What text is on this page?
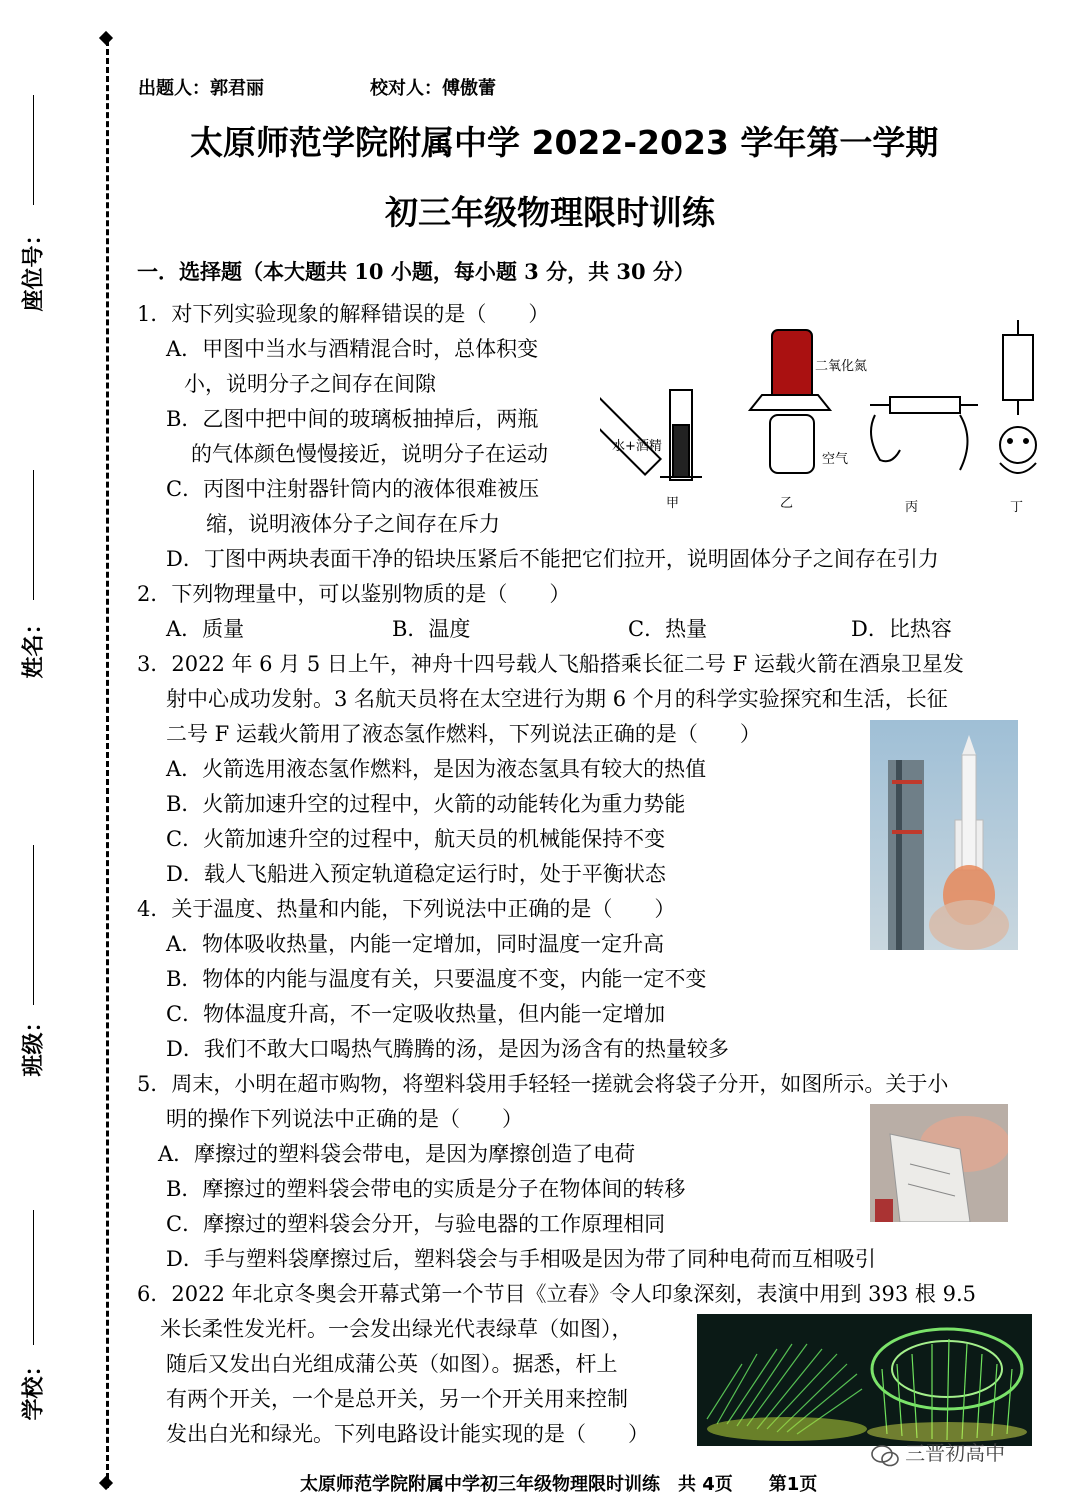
座位号：
姓名：
班级：
学校：
出题人：郭君丽	校对人：傅傲蕾
太原师范学院附属中学 2022-2023 学年第一学期
初三年级物理限时训练
一．选择题（本大题共 10 小题，每小题 3 分，共 30 分）
1．对下列实验现象的解释错误的是（　　）
A．甲图中当水与酒精混合时，总体积变
小，说明分子之间存在间隙
B．乙图中把中间的玻璃板抽掉后，两瓶
的气体颜色慢慢接近，说明分子在运动
C．丙图中注射器针筒内的液体很难被压
缩，说明液体分子之间存在斥力
D．丁图中两块表面干净的铅块压紧后不能把它们拉开，说明固体分子之间存在引力
水+酒精
二氧化氮
空气
甲	乙	丙	丁
2．下列物理量中，可以鉴别物质的是（　　）
A．质量	B．温度	C．热量	D．比热容
3．2022 年 6 月 5 日上午，神舟十四号载人飞船搭乘长征二号 F 运载火箭在酒泉卫星发
射中心成功发射。3 名航天员将在太空进行为期 6 个月的科学实验探究和生活，长征
二号 F 运载火箭用了液态氢作燃料，下列说法正确的是（　　）
A．火箭选用液态氢作燃料，是因为液态氢具有较大的热值
B．火箭加速升空的过程中，火箭的动能转化为重力势能
C．火箭加速升空的过程中，航天员的机械能保持不变
D．载人飞船进入预定轨道稳定运行时，处于平衡状态
4．关于温度、热量和内能，下列说法中正确的是（　　）
A．物体吸收热量，内能一定增加，同时温度一定升高
B．物体的内能与温度有关，只要温度不变，内能一定不变
C．物体温度升高，不一定吸收热量，但内能一定增加
D．我们不敢大口喝热气腾腾的汤，是因为汤含有的热量较多
5．周末，小明在超市购物，将塑料袋用手轻轻一搓就会将袋子分开，如图所示。关于小
明的操作下列说法中正确的是（　　）
A．摩擦过的塑料袋会带电，是因为摩擦创造了电荷
B．摩擦过的塑料袋会带电的实质是分子在物体间的转移
C．摩擦过的塑料袋会分开，与验电器的工作原理相同
D．手与塑料袋摩擦过后，塑料袋会与手相吸是因为带了同种电荷而互相吸引
6．2022 年北京冬奥会开幕式第一个节目《立春》令人印象深刻，表演中用到 393 根 9.5
米长柔性发光杆。一会发出绿光代表绿草（如图），
随后又发出白光组成蒲公英（如图）。据悉，杆上
有两个开关，一个是总开关，另一个开关用来控制
发出白光和绿光。下列电路设计能实现的是（　　）
三晋初高中
太原师范学院附属中学初三年级物理限时训练　共 4页　　第1页
